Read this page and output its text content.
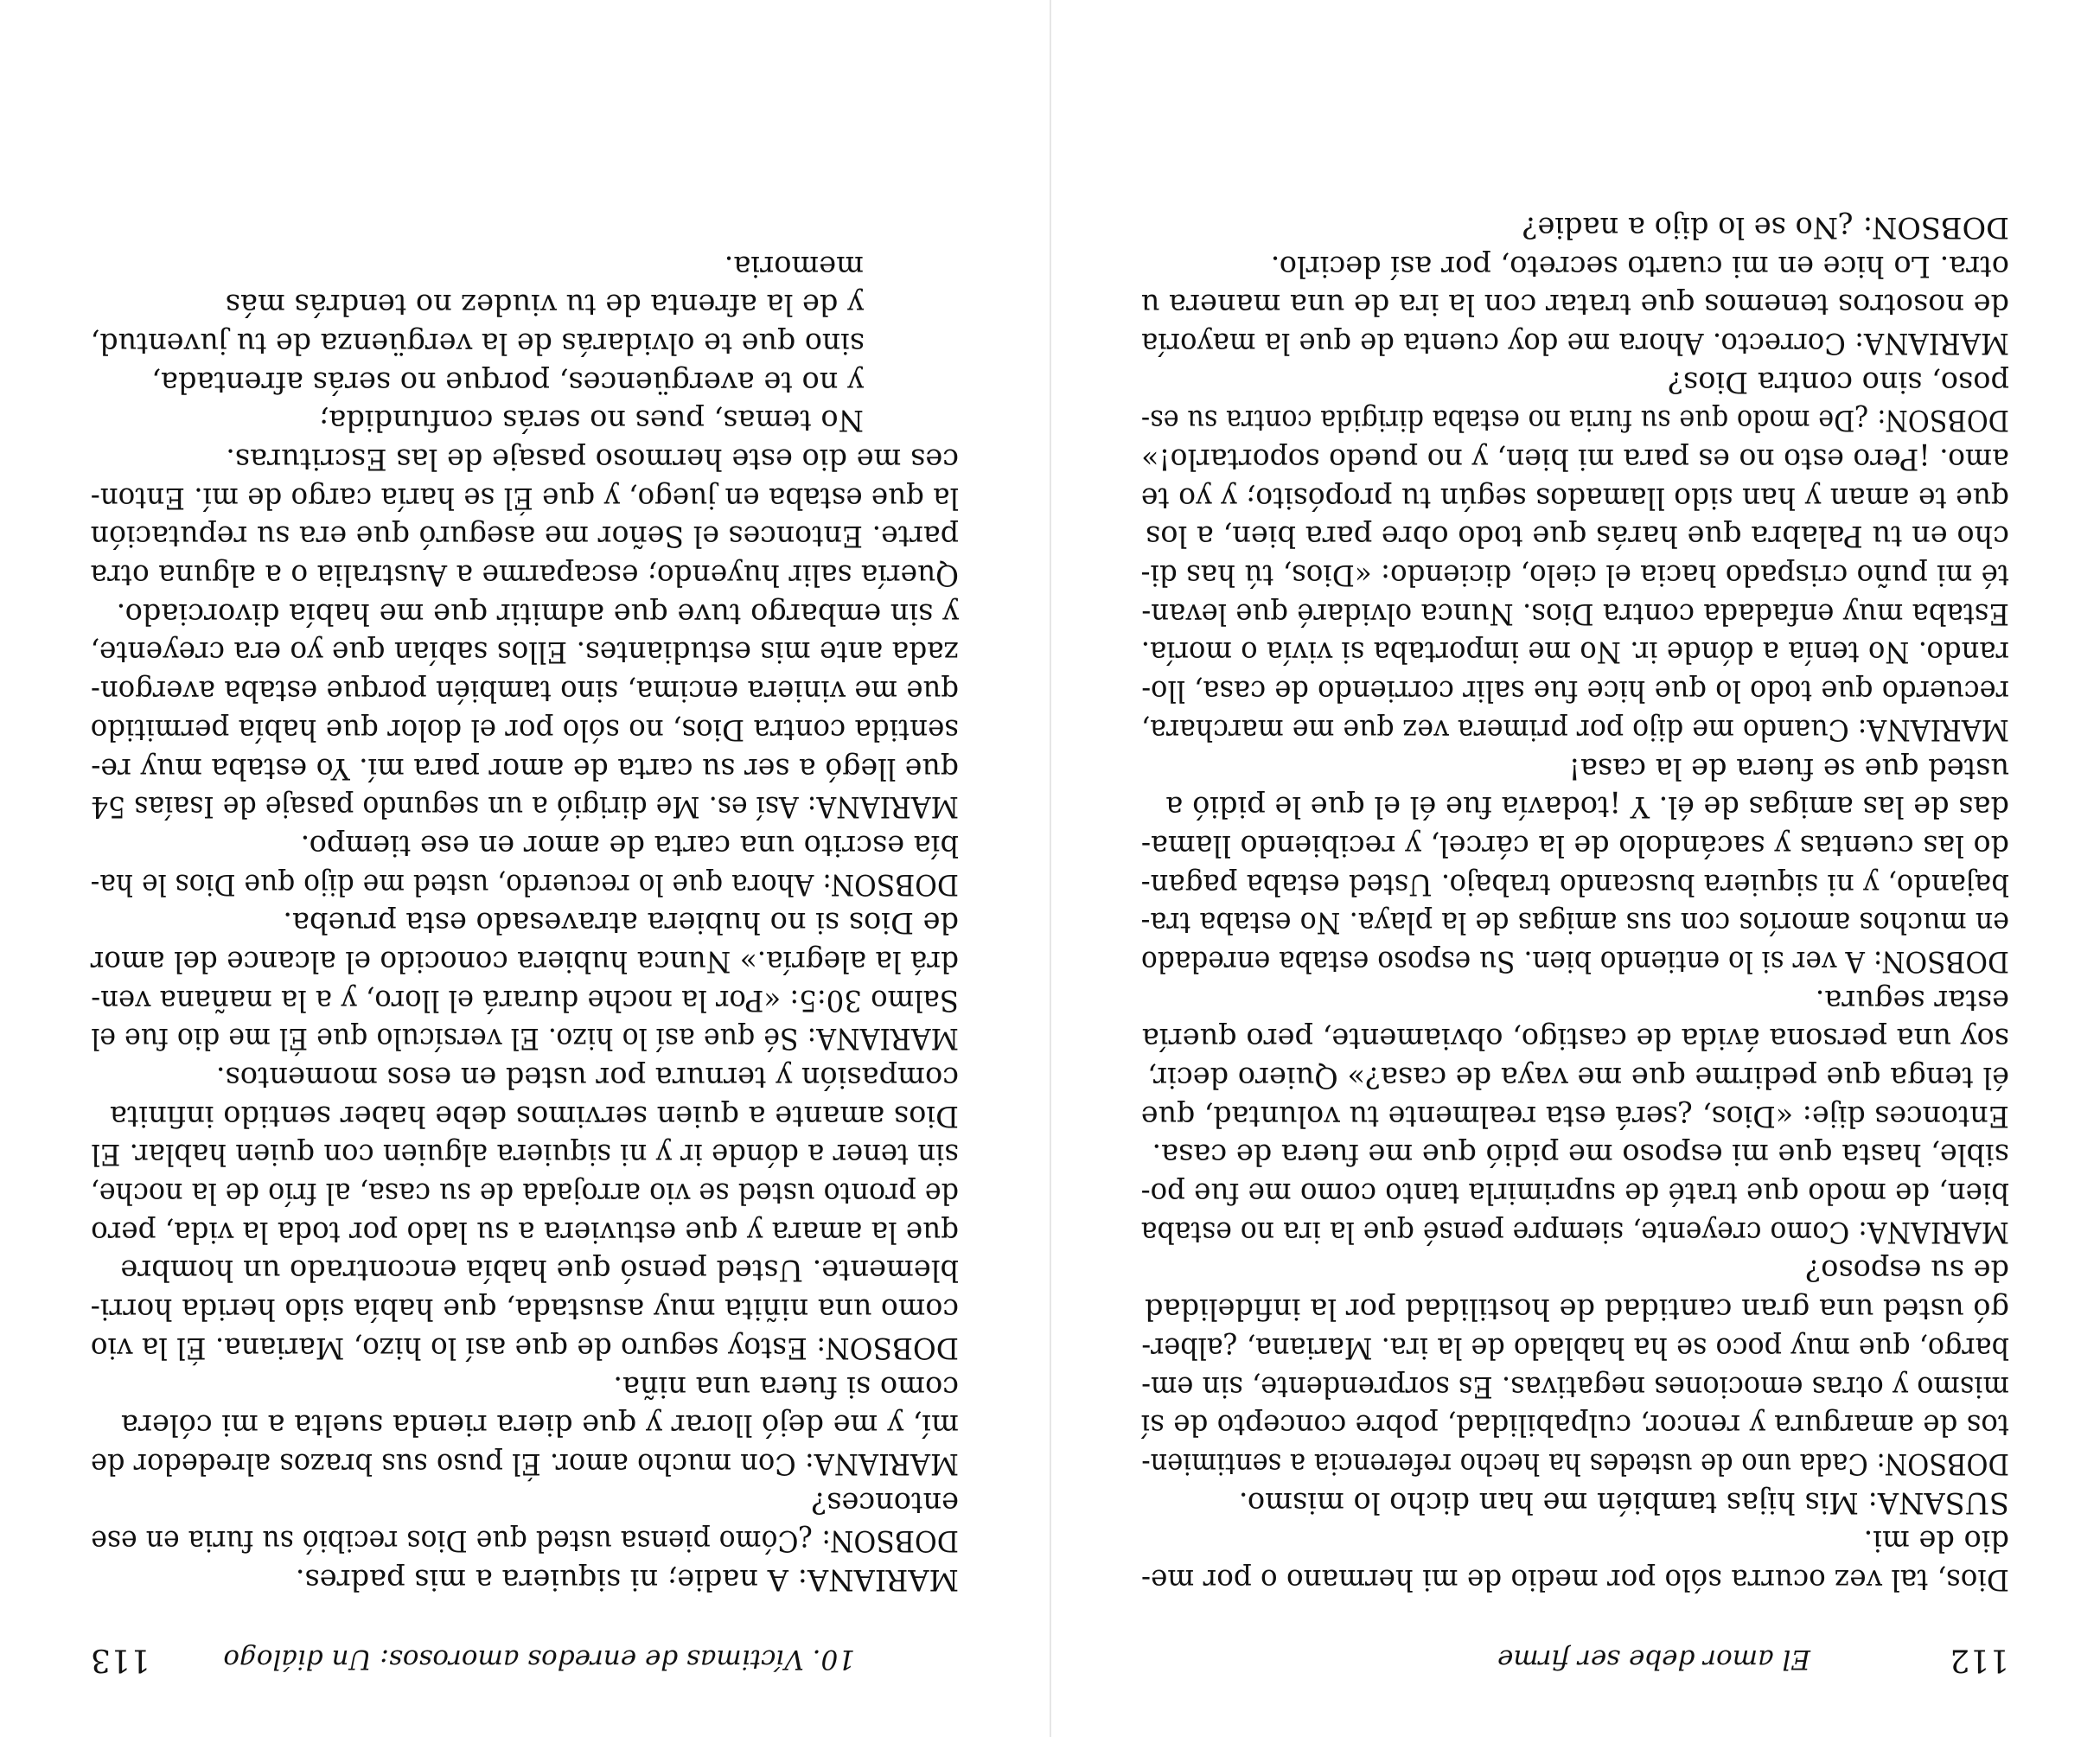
112
El amor debe ser firme
Dios, tal vez ocurra sólo por medio de mi hermano o por me-
dio de mi.
SUSANA: Mis hijas también me han dicho lo mismo.
DOBSON: Cada uno de ustedes ha hecho referencia a sentimien-
tos de amargura y rencor, culpabilidad, pobre concepto de sí
mismo y otras emociones negativas. Es sorprendente, sin em-
bargo, que muy poco se ha hablado de la ira. Mariana, ¿alber-
gó usted una gran cantidad de hostilidad por la infidelidad
de su esposo?
MARIANA: Como creyente, siempre pensé que la ira no estaba
bien, de modo que traté de suprimirla tanto como me fue po-
sible, hasta que mi esposo me pidió que me fuera de casa.
Entonces dije: «Dios, ¿será esta realmente tu voluntad, que
él tenga que pedirme que me vaya de casa?» Quiero decir,
soy una persona ávida de castigo, obviamente, pero quería
estar segura.
DOBSON: A ver si lo entiendo bien. Su esposo estaba enredado
en muchos amoríos con sus amigas de la playa. No estaba tra-
bajando, y ni siquiera buscando trabajo. Usted estaba pagan-
do las cuentas y sacándolo de la cárcel, y recibiendo llama-
das de las amigas de él. Y ¡todavía fue él el que le pidió a
usted que se fuera de la casa!
MARIANA: Cuando me dijo por primera vez que me marchara,
recuerdo que todo lo que hice fue salir corriendo de casa, llo-
rando. No tenía a dónde ir. No me importaba si vivía o moría.
Estaba muy enfadada contra Dios. Nunca olvidaré que levan-
té mi puño crispado hacia el cielo, diciendo: «Dios, tú has di-
cho en tu Palabra que harás que todo obre para bien, a los
que te aman y han sido llamados según tu propósito; y yo te
amo. ¡Pero esto no es para mi bien, y no puedo soportarlo!»
DOBSON: ¿De modo que su furia no estaba dirigida contra su es-
poso, sino contra Dios?
MARIANA: Correcto. Ahora me doy cuenta de que la mayoría
de nosotros tenemos que tratar con la ira de una manera u
otra. Lo hice en mi cuarto secreto, por así decirlo.
DOBSON: ¿No se lo dijo a nadie?
10. Víctimas de enredos amorosos: Un diálogo
113
MARIANA: A nadie; ni siquiera a mis padres.
DOBSON: ¿Cómo piensa usted que Dios recibió su furia en ese
entonces?
MARIANA: Con mucho amor. Él puso sus brazos alrededor de
mí, y me dejó llorar y que diera rienda suelta a mi cólera
como si fuera una niña.
DOBSON: Estoy seguro de que así lo hizo, Mariana. Él la vio
como una niñita muy asustada, que había sido herida horri-
blemente. Usted pensó que había encontrado un hombre
que la amara y que estuviera a su lado por toda la vida, pero
de pronto usted se vio arrojada de su casa, al frío de la noche,
sin tener a dónde ir y ni siquiera alguien con quien hablar. El
Dios amante a quien servimos debe haber sentido infinita
compasión y ternura por usted en esos momentos.
MARIANA: Sé que así lo hizo. El versículo que Él me dio fue el
Salmo 30:5: «Por la noche durará el lloro, y a la mañana ven-
drá la alegría.» Nunca hubiera conocido el alcance del amor
de Dios si no hubiera atravesado esta prueba.
DOBSON: Ahora que lo recuerdo, usted me dijo que Dios le ha-
bía escrito una carta de amor en ese tiempo.
MARIANA: Así es. Me dirigió a un segundo pasaje de Isaías 54
que llegó a ser su carta de amor para mí. Yo estaba muy re-
sentida contra Dios, no sólo por el dolor que había permitido
que me viniera encima, sino también porque estaba avergon-
zada ante mis estudiantes. Ellos sabían que yo era creyente,
y sin embargo tuve que admitir que me había divorciado.
Quería salir huyendo; escaparme a Australia o a alguna otra
parte. Entonces el Señor me aseguró que era su reputación
la que estaba en juego, y que Él se haría cargo de mí. Enton-
ces me dio este hermoso pasaje de las Escrituras.
No temas, pues no serás confundida;
y no te avergüences, porque no serás afrentada,
sino que te olvidarás de la vergüenza de tu juventud,
y de la afrenta de tu viudez no tendrás más
memoria.
